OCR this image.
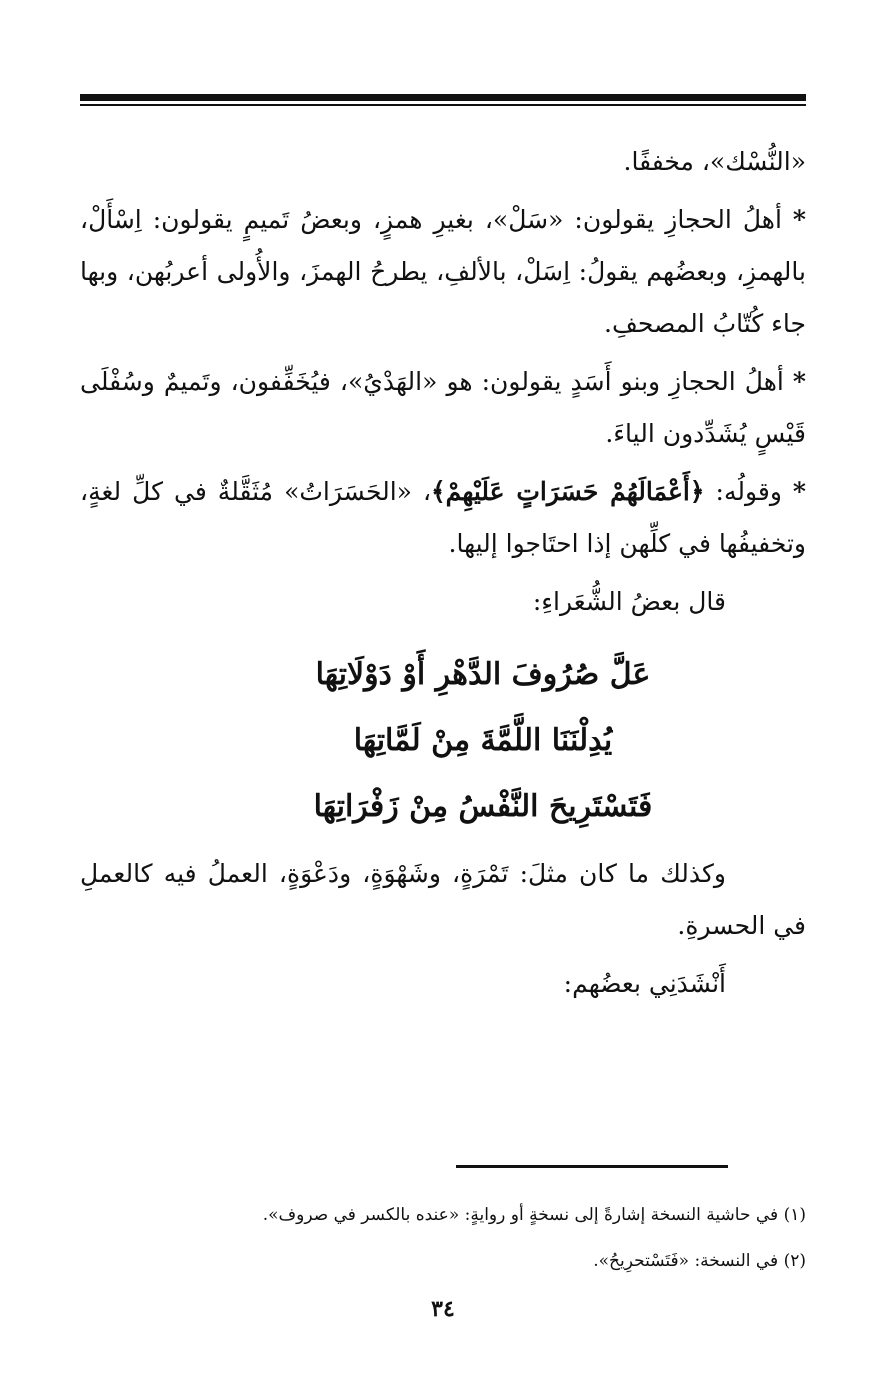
«النُّسْك»، مخففًا.

* أهلُ الحجازِ يقولون: «سَلْ»، بغيرِ همزٍ، وبعضُ تَميمٍ يقولون: اِسْأَلْ، بالهمزِ، وبعضُهم يقولُ: اِسَلْ، بالألفِ، يطرحُ الهمزَ، والأُولى أعربُهن، وبها جاء كُتّابُ المصحفِ.

* أهلُ الحجازِ وبنو أَسَدٍ يقولون: هو «الهَدْيُ»، فيُخَفِّفون، وتَميمٌ وسُفْلَى قَيْسٍ يُشَدِّدون الياءَ.

* وقولُه: ﴿أَعْمَالَهُمْ حَسَرَاتٍ عَلَيْهِمْ﴾، «الحَسَرَاتُ» مُثَقَّلةٌ في كلِّ لغةٍ، وتخفيفُها في كلِّهن إذا احتَاجوا إليها.

قال بعضُ الشُّعَراءِ:

عَلَّ صُرُوفَ الدَّهْرِ أَوْ دَوْلَاتِهَا
يُدِلْنَنَا اللَّمَّةَ مِنْ لَمَّاتِهَا
فَتَسْتَرِيحَ النَّفْسُ مِنْ زَفْرَاتِهَا

وكذلك ما كان مثلَ: تَمْرَةٍ، وشَهْوَةٍ، ودَعْوَةٍ، العملُ فيه كالعملِ في الحسرةِ.

أَنْشَدَنِي بعضُهم:

(١) في حاشية النسخة إشارةً إلى نسخةٍ أو روايةٍ: «عنده بالكسر في صروف».
(٢) في النسخة: «فَتَسْتحرِيحُ».
٣٤
